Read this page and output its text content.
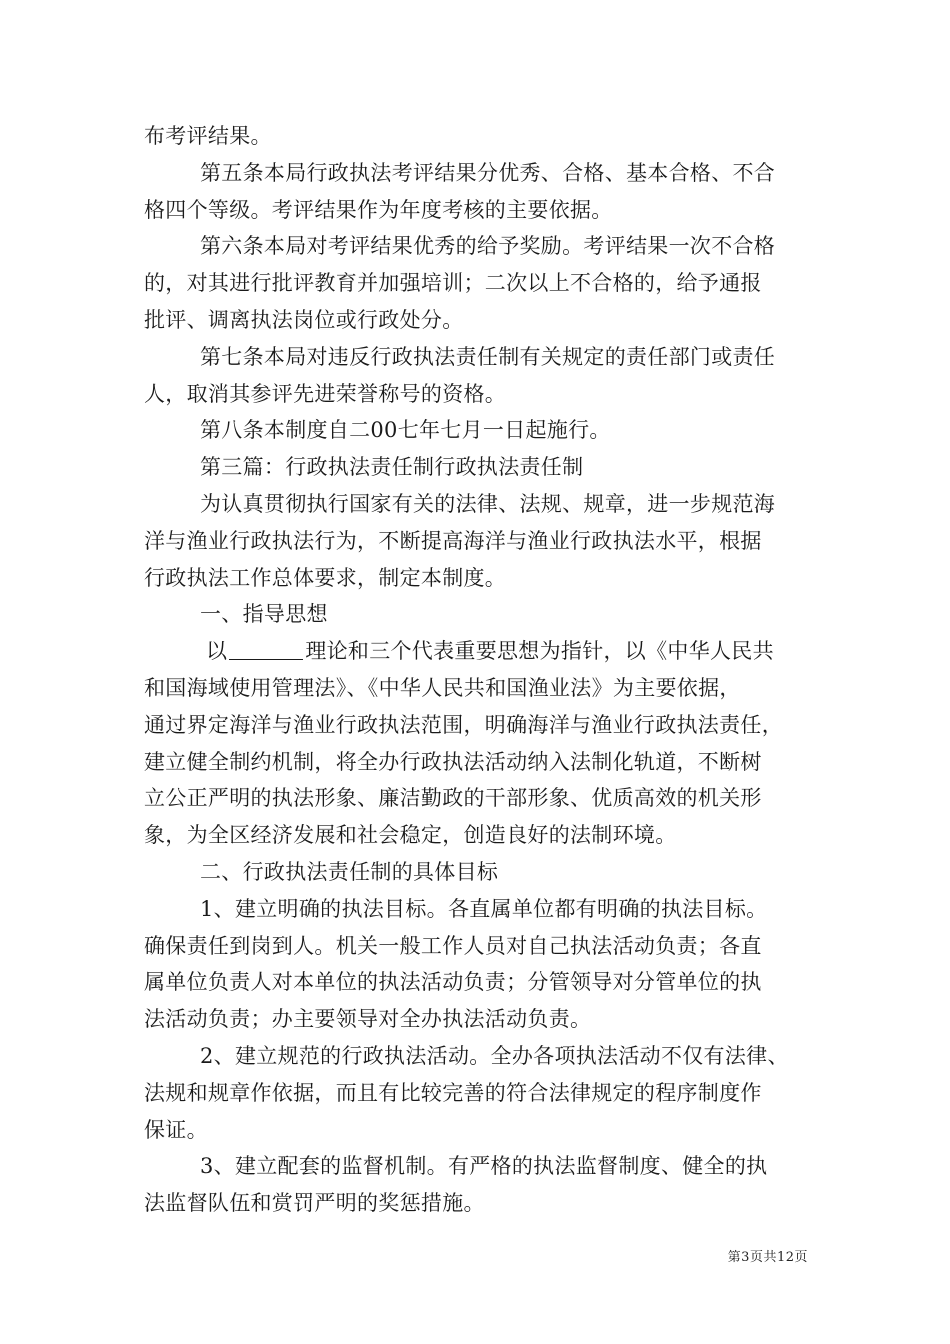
布考评结果。
第五条本局行政执法考评结果分优秀、合格、基本合格、不合
格四个等级。考评结果作为年度考核的主要依据。
第六条本局对考评结果优秀的给予奖励。考评结果一次不合格
的，对其进行批评教育并加强培训；二次以上不合格的，给予通报
批评、调离执法岗位或行政处分。
第七条本局对违反行政执法责任制有关规定的责任部门或责任
人，取消其参评先进荣誉称号的资格。
第八条本制度自二00七年七月一日起施行。
第三篇：行政执法责任制行政执法责任制
为认真贯彻执行国家有关的法律、法规、规章，进一步规范海
洋与渔业行政执法行为，不断提高海洋与渔业行政执法水平，根据
行政执法工作总体要求，制定本制度。
一、指导思想
以	理论和三个代表重要思想为指针，以《中华人民共
和国海域使用管理法》、《中华人民共和国渔业法》为主要依据，
通过界定海洋与渔业行政执法范围，明确海洋与渔业行政执法责任，
建立健全制约机制，将全办行政执法活动纳入法制化轨道，不断树
立公正严明的执法形象、廉洁勤政的干部形象、优质高效的机关形
象，为全区经济发展和社会稳定，创造良好的法制环境。
二、行政执法责任制的具体目标
1、建立明确的执法目标。各直属单位都有明确的执法目标。
确保责任到岗到人。机关一般工作人员对自己执法活动负责；各直
属单位负责人对本单位的执法活动负责；分管领导对分管单位的执
法活动负责；办主要领导对全办执法活动负责。
2、建立规范的行政执法活动。全办各项执法活动不仅有法律、
法规和规章作依据，而且有比较完善的符合法律规定的程序制度作
保证。
3、建立配套的监督机制。有严格的执法监督制度、健全的执
法监督队伍和赏罚严明的奖惩措施。
第3页共12页
